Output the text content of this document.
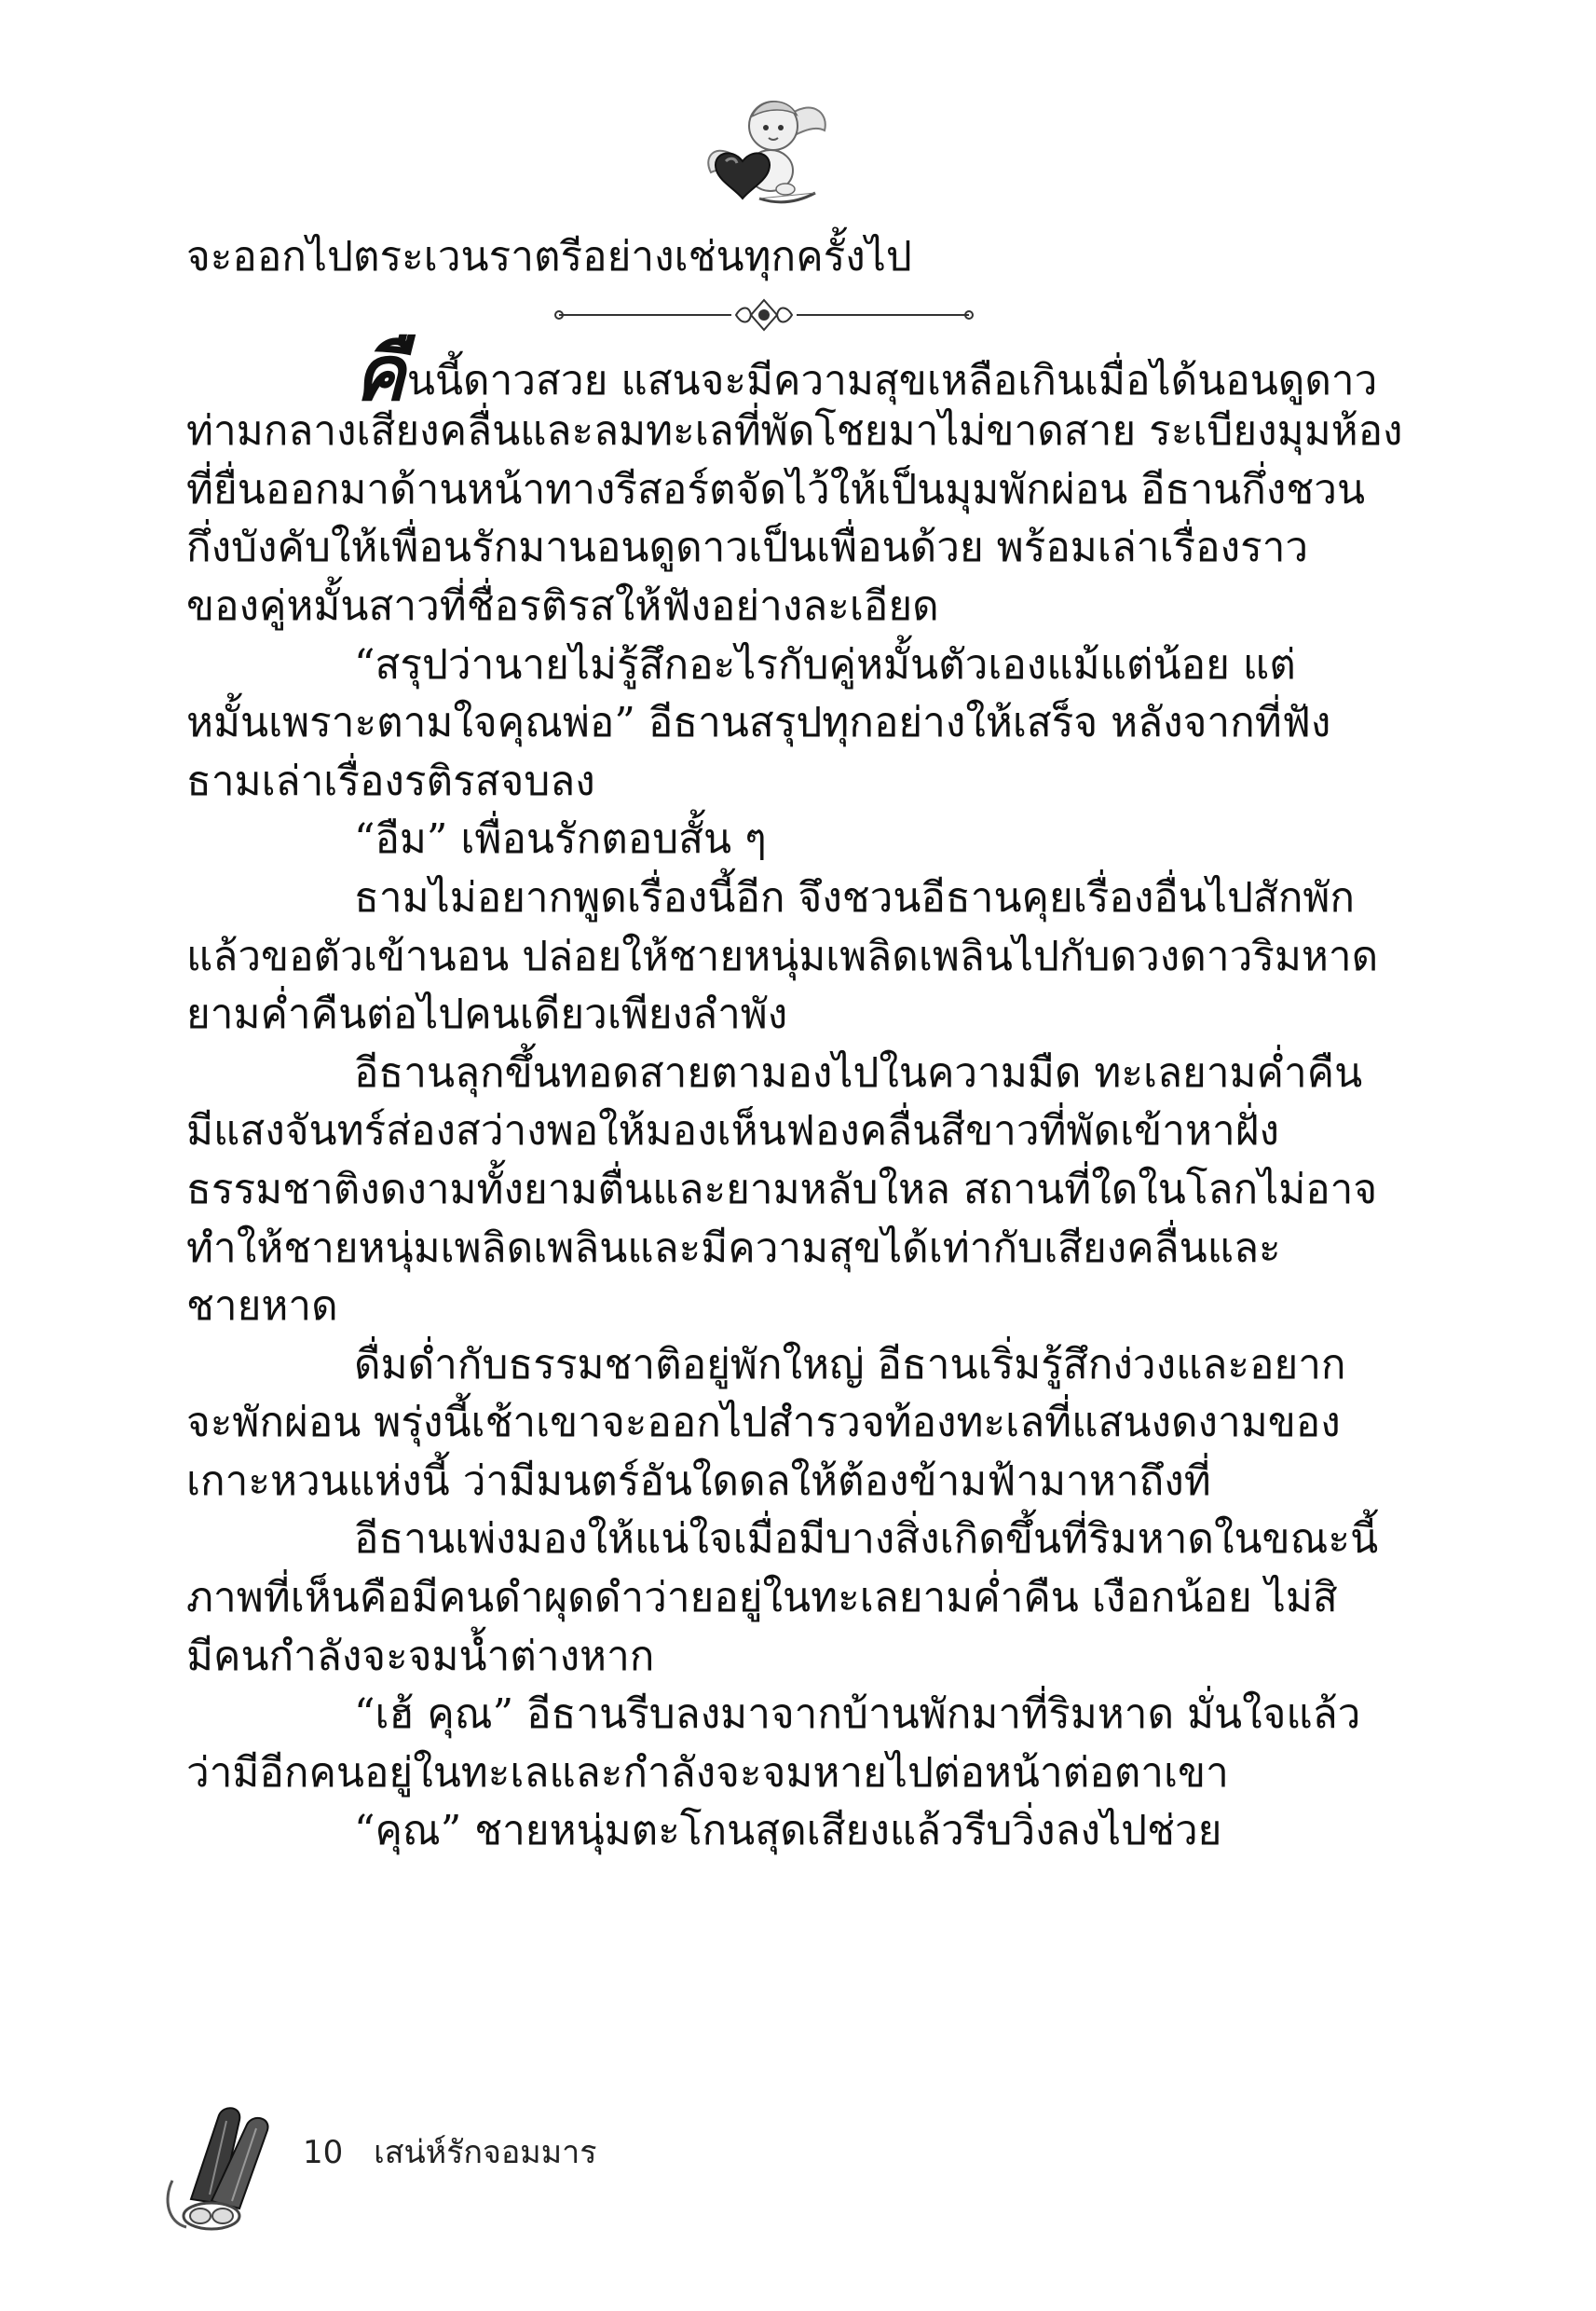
จะออกไปตระเวนราตรีอย่างเช่นทุกครั้งไป
คืนนี้ดาวสวย แสนจะมีความสุขเหลือเกินเมื่อได้นอนดูดาว
ท่ามกลางเสียงคลื่นและลมทะเลที่พัดโชยมาไม่ขาดสาย ระเบียงมุมห้อง
ที่ยื่นออกมาด้านหน้าทางรีสอร์ตจัดไว้ให้เป็นมุมพักผ่อน อีธานกึ่งชวน
กึ่งบังคับให้เพื่อนรักมานอนดูดาวเป็นเพื่อนด้วย พร้อมเล่าเรื่องราว
ของคู่หมั้นสาวที่ชื่อรติรสให้ฟังอย่างละเอียด
“สรุปว่านายไม่รู้สึกอะไรกับคู่หมั้นตัวเองแม้แต่น้อย แต่
หมั้นเพราะตามใจคุณพ่อ” อีธานสรุปทุกอย่างให้เสร็จ หลังจากที่ฟัง
ธามเล่าเรื่องรติรสจบลง
“อืม” เพื่อนรักตอบสั้น ๆ
ธามไม่อยากพูดเรื่องนี้อีก จึงชวนอีธานคุยเรื่องอื่นไปสักพัก
แล้วขอตัวเข้านอน ปล่อยให้ชายหนุ่มเพลิดเพลินไปกับดวงดาวริมหาด
ยามค่ำคืนต่อไปคนเดียวเพียงลำพัง
อีธานลุกขึ้นทอดสายตามองไปในความมืด ทะเลยามค่ำคืน
มีแสงจันทร์ส่องสว่างพอให้มองเห็นฟองคลื่นสีขาวที่พัดเข้าหาฝั่ง
ธรรมชาติงดงามทั้งยามตื่นและยามหลับใหล สถานที่ใดในโลกไม่อาจ
ทำให้ชายหนุ่มเพลิดเพลินและมีความสุขได้เท่ากับเสียงคลื่นและ
ชายหาด
ดื่มด่ำกับธรรมชาติอยู่พักใหญ่ อีธานเริ่มรู้สึกง่วงและอยาก
จะพักผ่อน พรุ่งนี้เช้าเขาจะออกไปสำรวจท้องทะเลที่แสนงดงามของ
เกาะหวนแห่งนี้ ว่ามีมนตร์อันใดดลให้ต้องข้ามฟ้ามาหาถึงที่
อีธานเพ่งมองให้แน่ใจเมื่อมีบางสิ่งเกิดขึ้นที่ริมหาดในขณะนี้
ภาพที่เห็นคือมีคนดำผุดดำว่ายอยู่ในทะเลยามค่ำคืน เงือกน้อย ไม่สิ
มีคนกำลังจะจมน้ำต่างหาก
“เฮ้ คุณ” อีธานรีบลงมาจากบ้านพักมาที่ริมหาด มั่นใจแล้ว
ว่ามีอีกคนอยู่ในทะเลและกำลังจะจมหายไปต่อหน้าต่อตาเขา
“คุณ” ชายหนุ่มตะโกนสุดเสียงแล้วรีบวิ่งลงไปช่วย
10 เสน่ห์รักจอมมาร
